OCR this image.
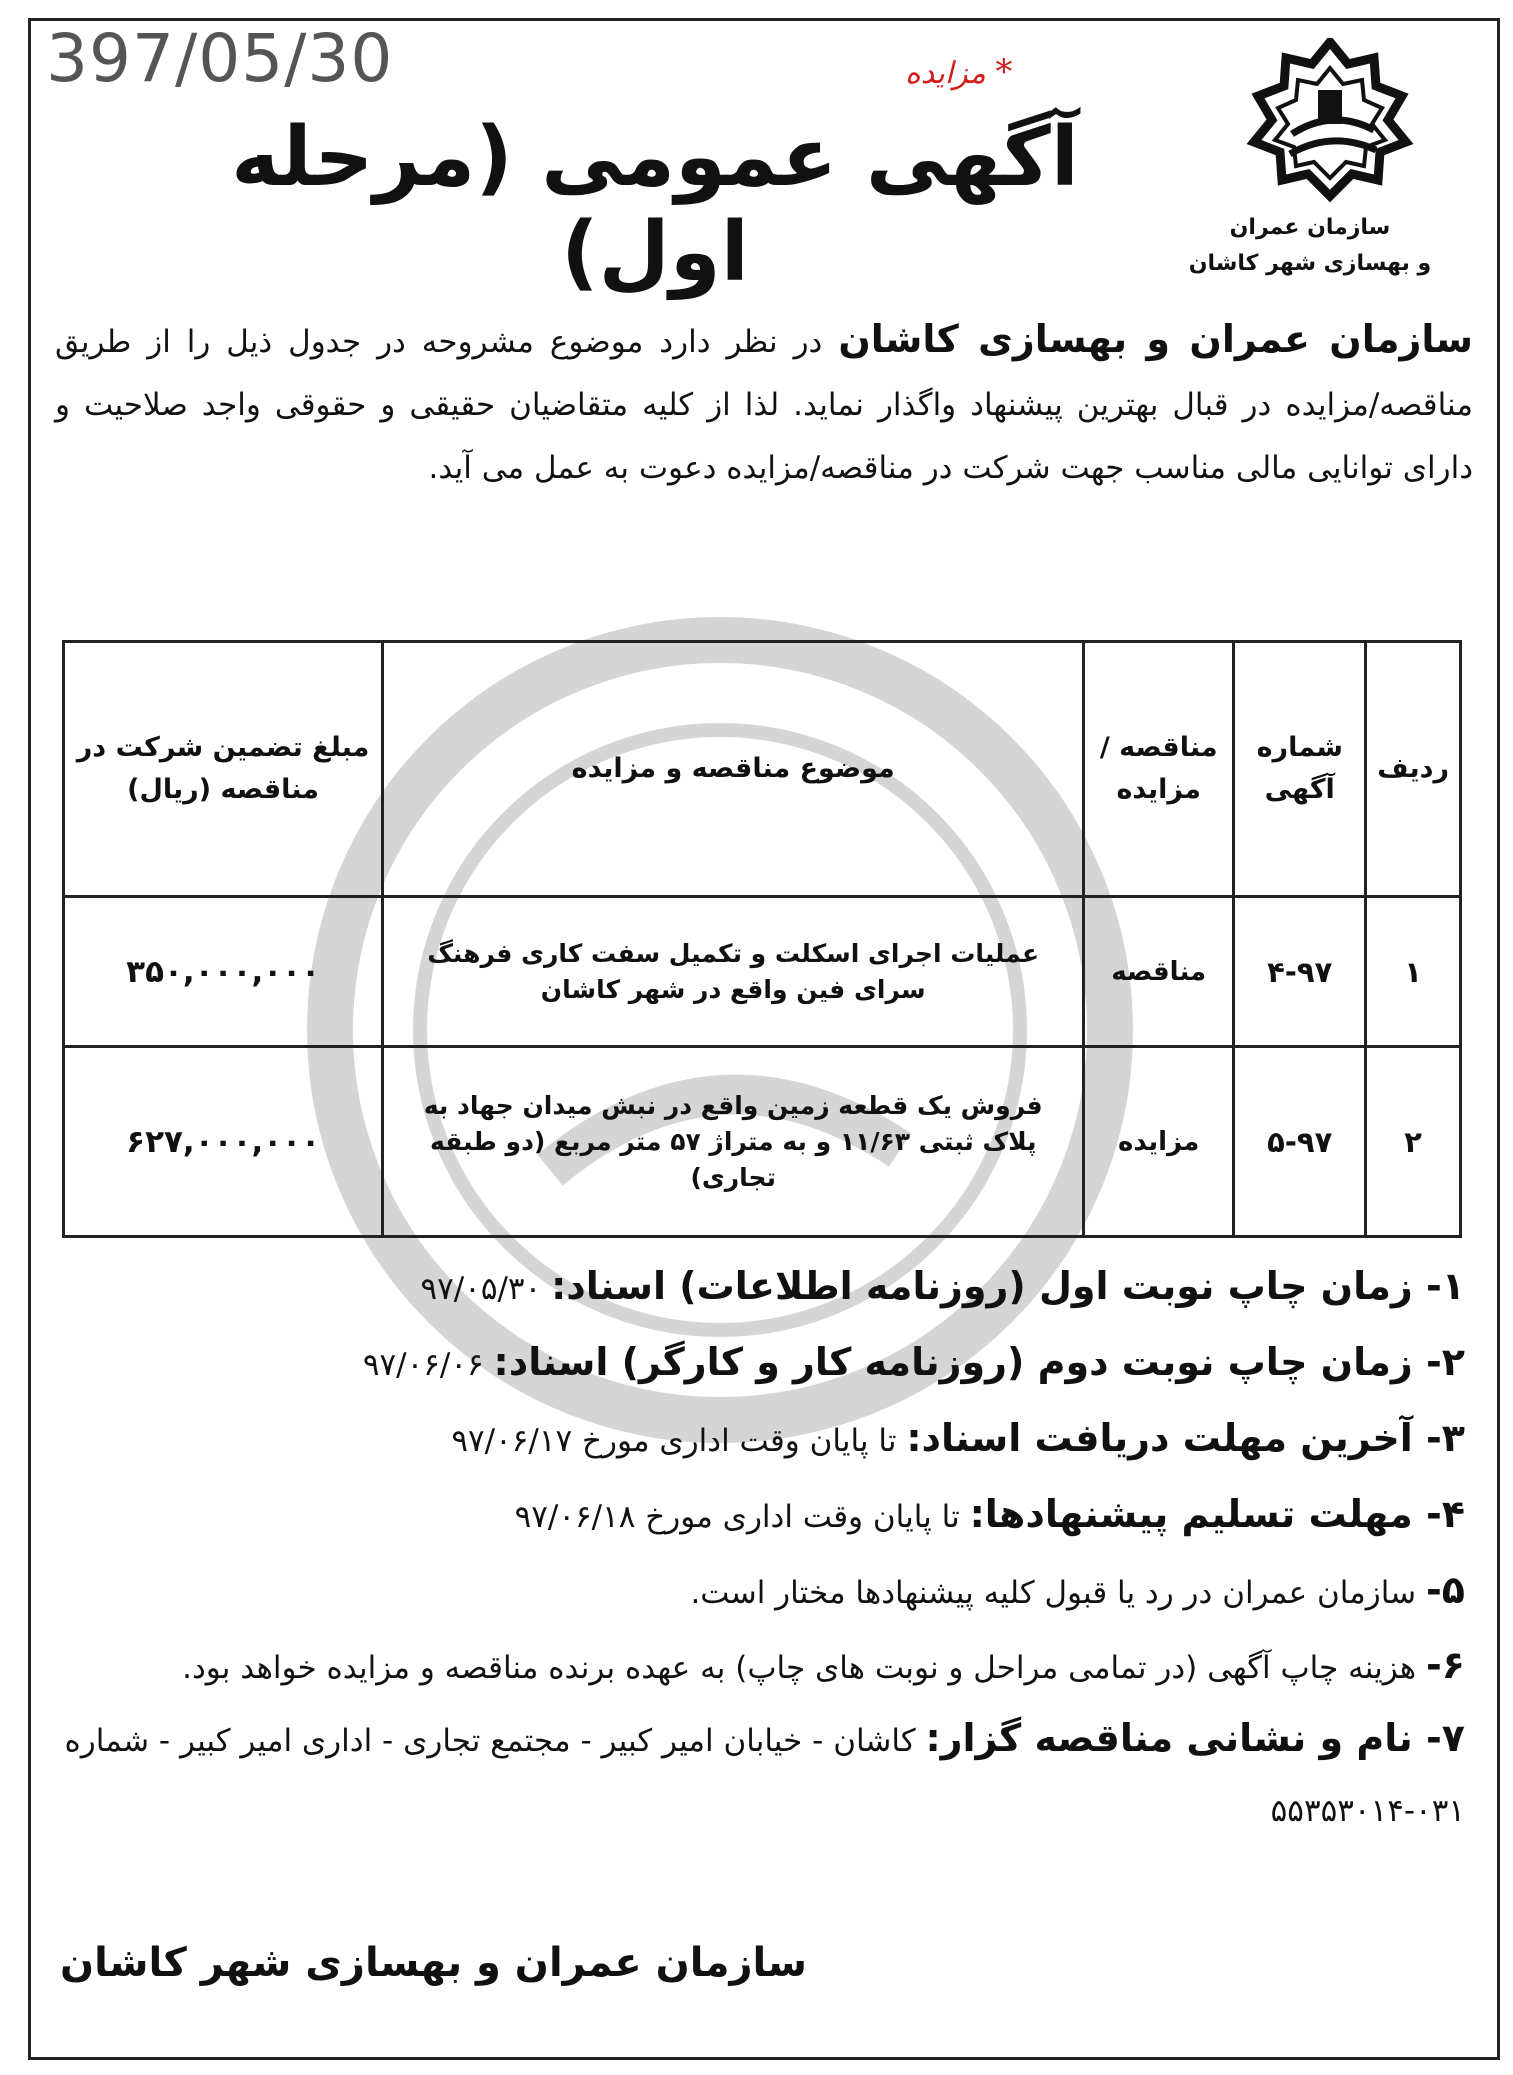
397/05/30	* مزایده
سازمان عمران
و بهسازی شهر کاشان
آگهی عمومی (مرحله اول)
سازمان عمران و بهسازی کاشان در نظر دارد موضوع مشروحه در جدول ذیل را از طریق مناقصه/مزایده در قبال بهترین پیشنهاد واگذار نماید. لذا از کلیه متقاضیان حقیقی و حقوقی واجد صلاحیت و دارای توانایی مالی مناسب جهت شرکت در مناقصه/مزایده دعوت به عمل می آید.
ردیف	شماره آگهی	مناقصه / مزایده	موضوع مناقصه و مزایده	مبلغ تضمین شرکت در مناقصه (ریال)
۱	۴-۹۷	مناقصه	عملیات اجرای اسکلت و تکمیل سفت کاری فرهنگ سرای فین واقع در شهر کاشان	۳۵۰,۰۰۰,۰۰۰
۲	۵-۹۷	مزایده	فروش یک قطعه زمین واقع در نبش میدان جهاد به پلاک ثبتی ۱۱/۶۳ و به متراژ ۵۷ متر مربع (دو طبقه تجاری)	۶۲۷,۰۰۰,۰۰۰
۱- زمان چاپ نوبت اول (روزنامه اطلاعات) اسناد: ۹۷/۰۵/۳۰
۲- زمان چاپ نوبت دوم (روزنامه کار و کارگر) اسناد: ۹۷/۰۶/۰۶
۳- آخرین مهلت دریافت اسناد: تا پایان وقت اداری مورخ ۹۷/۰۶/۱۷
۴- مهلت تسلیم پیشنهادها: تا پایان وقت اداری مورخ ۹۷/۰۶/۱۸
۵- سازمان عمران در رد یا قبول کلیه پیشنهادها مختار است.
۶- هزینه چاپ آگهی (در تمامی مراحل و نوبت های چاپ) به عهده برنده مناقصه و مزایده خواهد بود.
۷- نام و نشانی مناقصه گزار: کاشان - خیابان امیر کبیر - مجتمع تجاری - اداری امیر کبیر - شماره ۰۳۱-۵۵۳۵۳۰۱۴
سازمان عمران و بهسازی شهر کاشان
